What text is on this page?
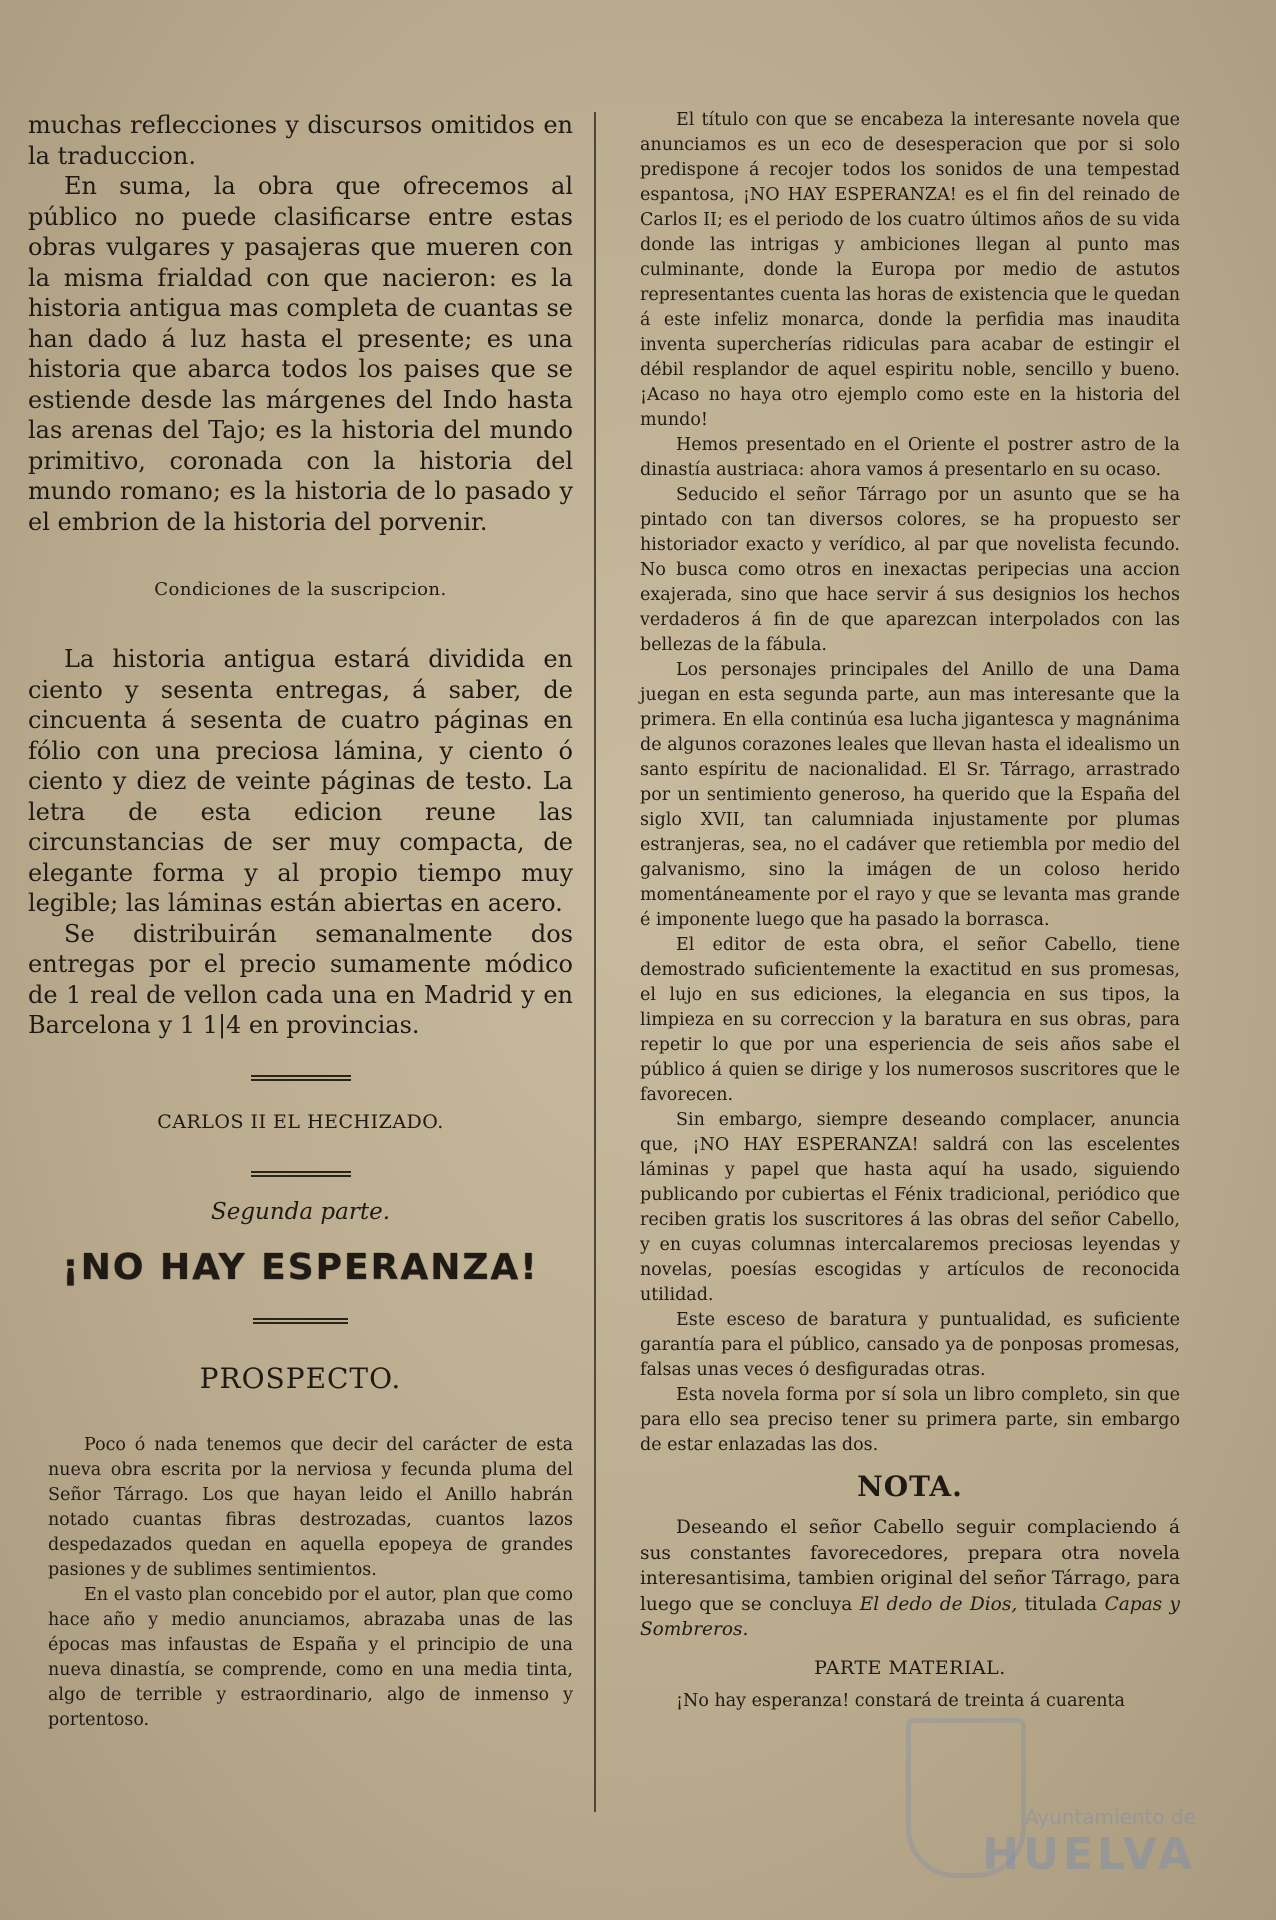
muchas reflecciones y discursos omitidos en la traduccion.

En suma, la obra que ofrecemos al público no puede clasificarse entre estas obras vulgares y pasajeras que mueren con la misma frialdad con que nacieron: es la historia antigua mas completa de cuantas se han dado á luz hasta el presente; es una historia que abarca todos los paises que se estiende desde las márgenes del Indo hasta las arenas del Tajo; es la historia del mundo primitivo, coronada con la historia del mundo romano; es la historia de lo pasado y el embrion de la historia del porvenir.

Condiciones de la suscripcion.

La historia antigua estará dividida en ciento y sesenta entregas, á saber, de cincuenta á sesenta de cuatro páginas en fólio con una preciosa lámina, y ciento ó ciento y diez de veinte páginas de testo. La letra de esta edicion reune las circunstancias de ser muy compacta, de elegante forma y al propio tiempo muy legible; las láminas están abiertas en acero.

Se distribuirán semanalmente dos entregas por el precio sumamente módico de 1 real de vellon cada una en Madrid y en Barcelona y 1 1|4 en provincias.

CARLOS II EL HECHIZADO.

Segunda parte.

¡NO HAY ESPERANZA!

PROSPECTO.

Poco ó nada tenemos que decir del carácter de esta nueva obra escrita por la nerviosa y fecunda pluma del Señor Tárrago. Los que hayan leido el Anillo habrán notado cuantas fibras destrozadas, cuantos lazos despedazados quedan en aquella epopeya de grandes pasiones y de sublimes sentimientos.

En el vasto plan concebido por el autor, plan que como hace año y medio anunciamos, abrazaba unas de las épocas mas infaustas de España y el principio de una nueva dinastía, se comprende, como en una media tinta, algo de terrible y estraordinario, algo de inmenso y portentoso.

El título con que se encabeza la interesante novela que anunciamos es un eco de desesperacion que por si solo predispone á recojer todos los sonidos de una tempestad espantosa, ¡NO HAY ESPERANZA! es el fin del reinado de Carlos II; es el periodo de los cuatro últimos años de su vida donde las intrigas y ambiciones llegan al punto mas culminante, donde la Europa por medio de astutos representantes cuenta las horas de existencia que le quedan á este infeliz monarca, donde la perfidia mas inaudita inventa supercherías ridiculas para acabar de estingir el débil resplandor de aquel espiritu noble, sencillo y bueno. ¡Acaso no haya otro ejemplo como este en la historia del mundo!

Hemos presentado en el Oriente el postrer astro de la dinastía austriaca: ahora vamos á presentarlo en su ocaso.

Seducido el señor Tárrago por un asunto que se ha pintado con tan diversos colores, se ha propuesto ser historiador exacto y verídico, al par que novelista fecundo. No busca como otros en inexactas peripecias una accion exajerada, sino que hace servir á sus designios los hechos verdaderos á fin de que aparezcan interpolados con las bellezas de la fábula.

Los personajes principales del Anillo de una Dama juegan en esta segunda parte, aun mas interesante que la primera. En ella continúa esa lucha jigantesca y magnánima de algunos corazones leales que llevan hasta el idealismo un santo espíritu de nacionalidad. El Sr. Tárrago, arrastrado por un sentimiento generoso, ha querido que la España del siglo XVII, tan calumniada injustamente por plumas estranjeras, sea, no el cadáver que retiembla por medio del galvanismo, sino la imágen de un coloso herido momentáneamente por el rayo y que se levanta mas grande é imponente luego que ha pasado la borrasca.

El editor de esta obra, el señor Cabello, tiene demostrado suficientemente la exactitud en sus promesas, el lujo en sus ediciones, la elegancia en sus tipos, la limpieza en su correccion y la baratura en sus obras, para repetir lo que por una esperiencia de seis años sabe el público á quien se dirige y los numerosos suscritores que le favorecen.

Sin embargo, siempre deseando complacer, anuncia que, ¡NO HAY ESPERANZA! saldrá con las escelentes láminas y papel que hasta aquí ha usado, siguiendo publicando por cubiertas el Fénix tradicional, periódico que reciben gratis los suscritores á las obras del señor Cabello, y en cuyas columnas intercalaremos preciosas leyendas y novelas, poesías escogidas y artículos de reconocida utilidad.

Este esceso de baratura y puntualidad, es suficiente garantía para el público, cansado ya de ponposas promesas, falsas unas veces ó desfiguradas otras.

Esta novela forma por sí sola un libro completo, sin que para ello sea preciso tener su primera parte, sin embargo de estar enlazadas las dos.

NOTA.

Deseando el señor Cabello seguir complaciendo á sus constantes favorecedores, prepara otra novela interesantisima, tambien original del señor Tárrago, para luego que se concluya El dedo de Dios, titulada Capas y Sombreros.

PARTE MATERIAL.

¡No hay esperanza! constará de treinta á cuarenta

Ayuntamiento de
HUELVA
